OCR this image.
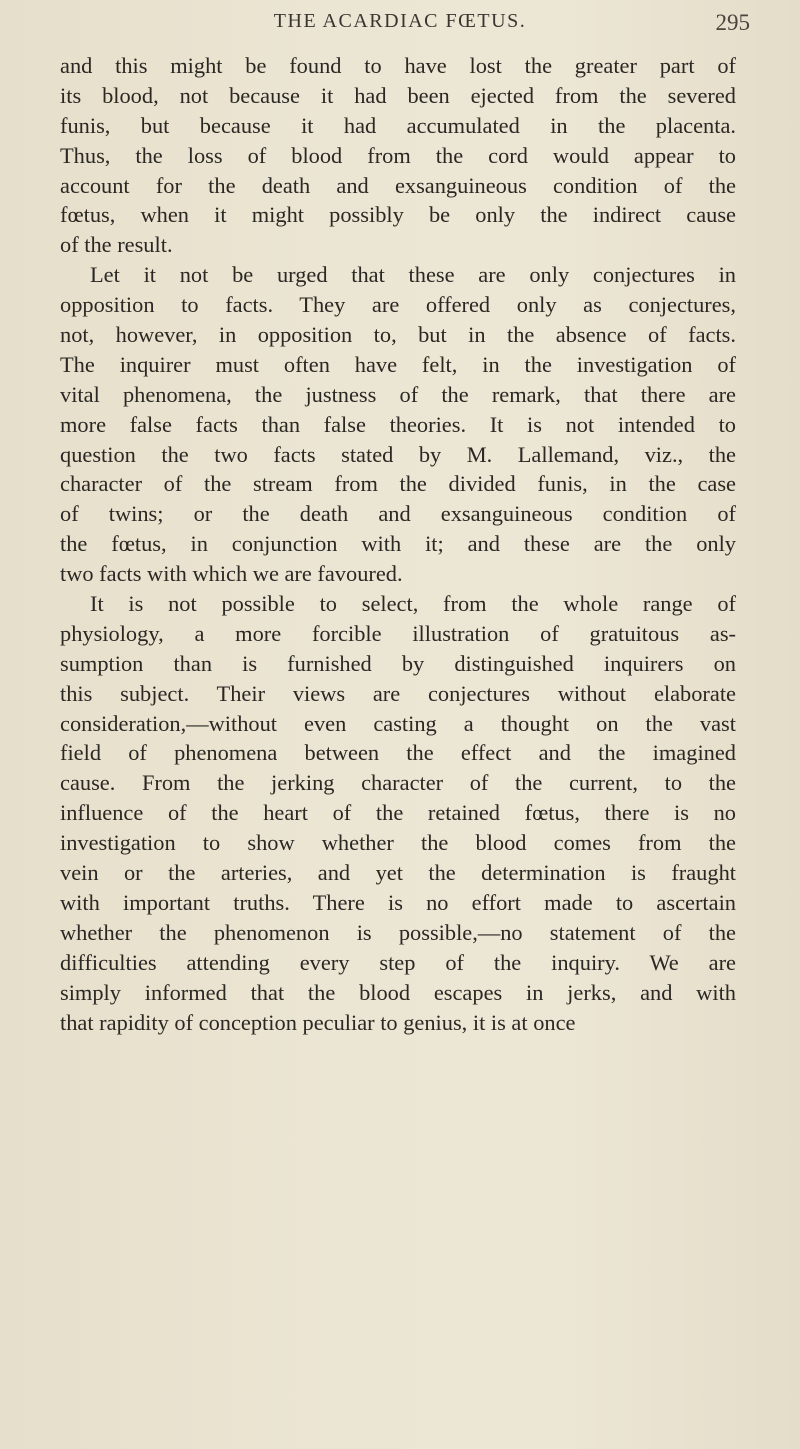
THE ACARDIAC FŒTUS.	295
and this might be found to have lost the greater part of
its blood, not because it had been ejected from the severed
funis, but because it had accumulated in the placenta.
Thus, the loss of blood from the cord would appear to
account for the death and exsanguineous condition of the
fœtus, when it might possibly be only the indirect cause
of the result.
Let it not be urged that these are only conjectures in
opposition to facts. They are offered only as conjectures,
not, however, in opposition to, but in the absence of facts.
The inquirer must often have felt, in the investigation of
vital phenomena, the justness of the remark, that there are
more false facts than false theories. It is not intended to
question the two facts stated by M. Lallemand, viz., the
character of the stream from the divided funis, in the case
of twins; or the death and exsanguineous condition of
the fœtus, in conjunction with it; and these are the only
two facts with which we are favoured.
It is not possible to select, from the whole range of
physiology, a more forcible illustration of gratuitous as-
sumption than is furnished by distinguished inquirers on
this subject. Their views are conjectures without elaborate
consideration,—without even casting a thought on the vast
field of phenomena between the effect and the imagined
cause. From the jerking character of the current, to the
influence of the heart of the retained fœtus, there is no
investigation to show whether the blood comes from the
vein or the arteries, and yet the determination is fraught
with important truths. There is no effort made to ascertain
whether the phenomenon is possible,—no statement of the
difficulties attending every step of the inquiry. We are
simply informed that the blood escapes in jerks, and with
that rapidity of conception peculiar to genius, it is at once
